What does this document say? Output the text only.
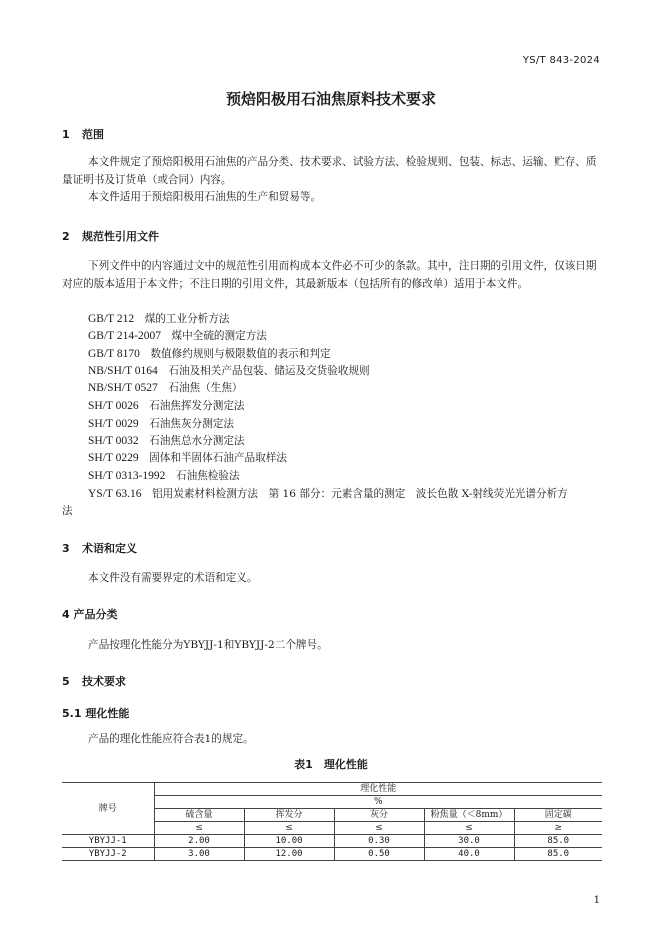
YS/T 843-2024
预焙阳极用石油焦原料技术要求
1 范围
本文件规定了预焙阳极用石油焦的产品分类、技术要求、试验方法、检验规则、包装、标志、运输、贮存、质量证明书及订货单（或合同）内容。
本文件适用于预焙阳极用石油焦的生产和贸易等。
2 规范性引用文件
下列文件中的内容通过文中的规范性引用而构成本文件必不可少的条款。其中，注日期的引用文件，仅该日期对应的版本适用于本文件；不注日期的引用文件，其最新版本（包括所有的修改单）适用于本文件。
GB/T 212　 煤的工业分析方法
GB/T 214-2007　 煤中全硫的测定方法
GB/T 8170　 数值修约规则与极限数值的表示和判定
NB/SH/T 0164　 石油及相关产品包装、储运及交货验收规则
NB/SH/T 0527　 石油焦（生焦）
SH/T 0026　 石油焦挥发分测定法
SH/T 0029　 石油焦灰分测定法
SH/T 0032　 石油焦总水分测定法
SH/T 0229　 固体和半固体石油产品取样法
SH/T 0313-1992　 石油焦检验法
YS/T 63.16　 铝用炭素材料检测方法　第 16 部分：元素含量的测定　波长色散 X-射线荧光光谱分析方
法
3 术语和定义
本文件没有需要界定的术语和定义。
4 产品分类
产品按理化性能分为YBYJJ-1和YBYJJ-2二个牌号。
5 技术要求
5.1 理化性能
产品的理化性能应符合表1的规定。
表1　理化性能
牌号	理化性能				
	%				
	硫含量	挥发分	灰分	粉焦量（＜8mm）	固定碳
	≤	≤	≤	≤	≥
YBYJJ-1	2.00	10.00	0.30	30.0	85.0
YBYJJ-2	3.00	12.00	0.50	40.0	85.0
1
